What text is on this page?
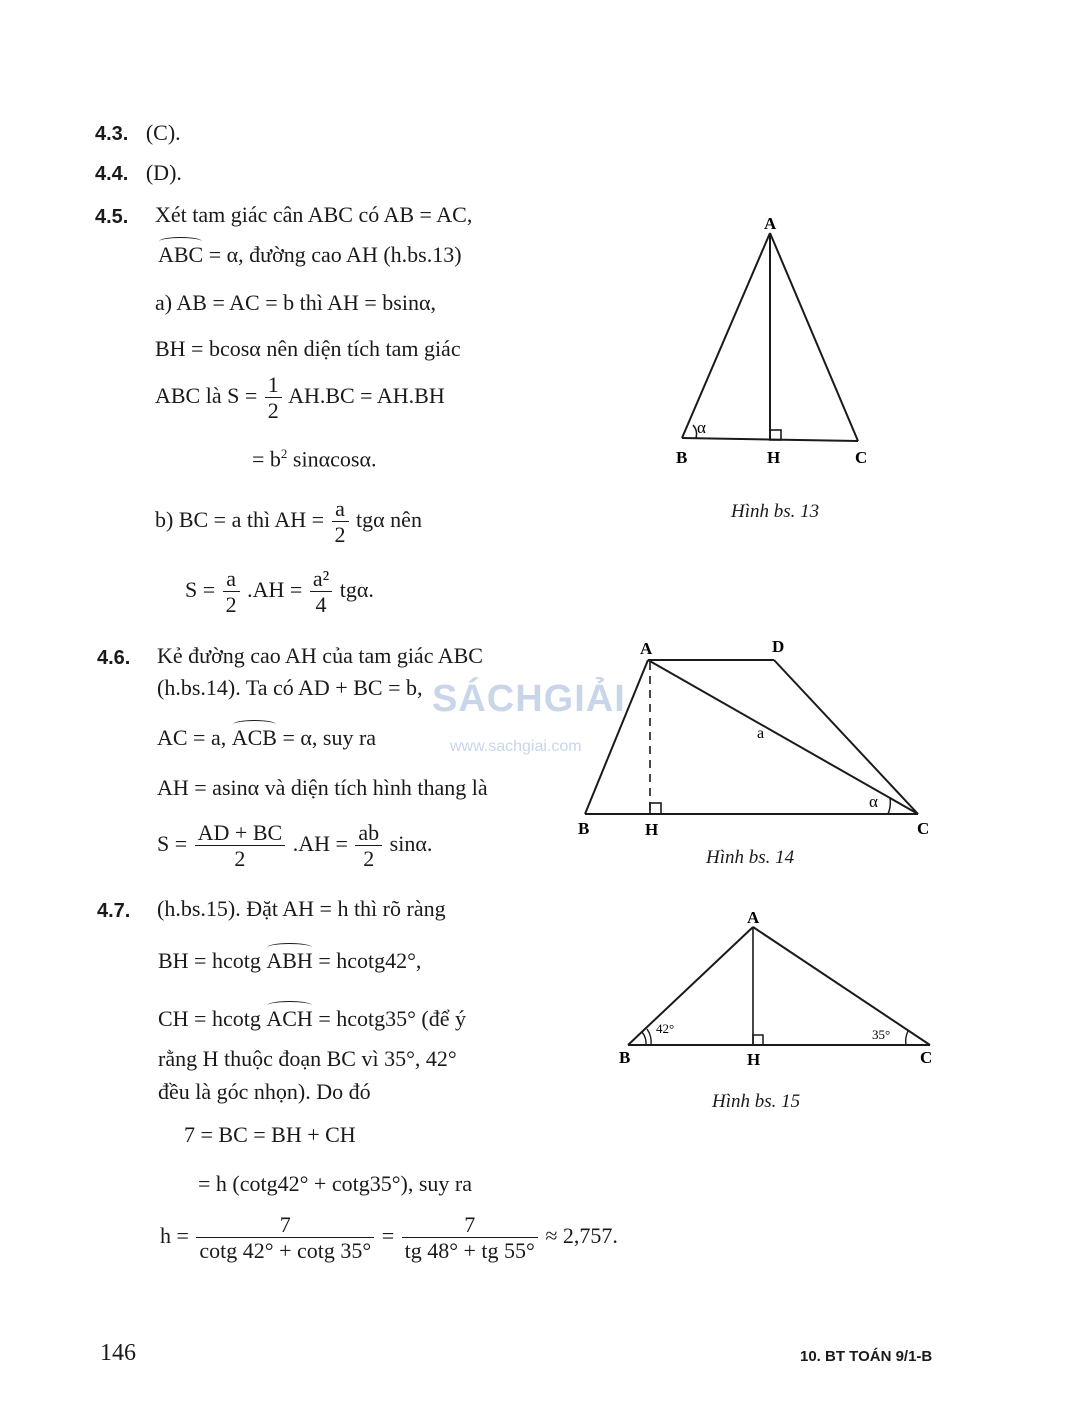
4.3. (C).
4.4. (D).
4.5. Xét tam giác cân ABC có AB = AC,
ABC = α, đường cao AH (h.bs.13)
a) AB = AC = b thì AH = bsinα,
BH = bcosα nên diện tích tam giác
ABC là $S = \frac{1}{2} AH.BC = AH.BH$
= $b^2$ sinαcosα.
b) BC = a thì AH = $\frac{a}{2}$ tgα nên
$S = \frac{a}{2} .AH = \frac{\text{a²}}{4} tg\alpha$.
A
B	H	C
α
Hình bs. 13
SÁCHGIẢI
www.sachgiai.com
4.6. Kẻ đường cao AH của tam giác ABC
(h.bs.14). Ta có AD + BC = b,
AC = a, ACB = α, suy ra
AH = asinα và diện tích hình thang là
$S = \frac{AD + BC}{2} .AH = \frac{ab}{2} \sin\alpha$.
A	D
B	H	C
a
α
Hình bs. 14
4.7. (h.bs.15). Đặt AH = h thì rõ ràng
BH = hcotg ABH = hcotg42°,
CH = hcotg ACH = hcotg35° (để ý
rằng H thuộc đoạn BC vì 35°, 42°
đều là góc nhọn). Do đó
7 = BC = BH + CH
= h (cotg42° + cotg35°), suy ra
$h = \frac{7}{\cot g 42^\circ + \cot g 35^\circ} = \frac{7}{tg 48^\circ + tg 55^\circ} \approx 2,757$.
A
B	H	C
42°	35°
Hình bs. 15
146	10. BT TOÁN 9/1-B
